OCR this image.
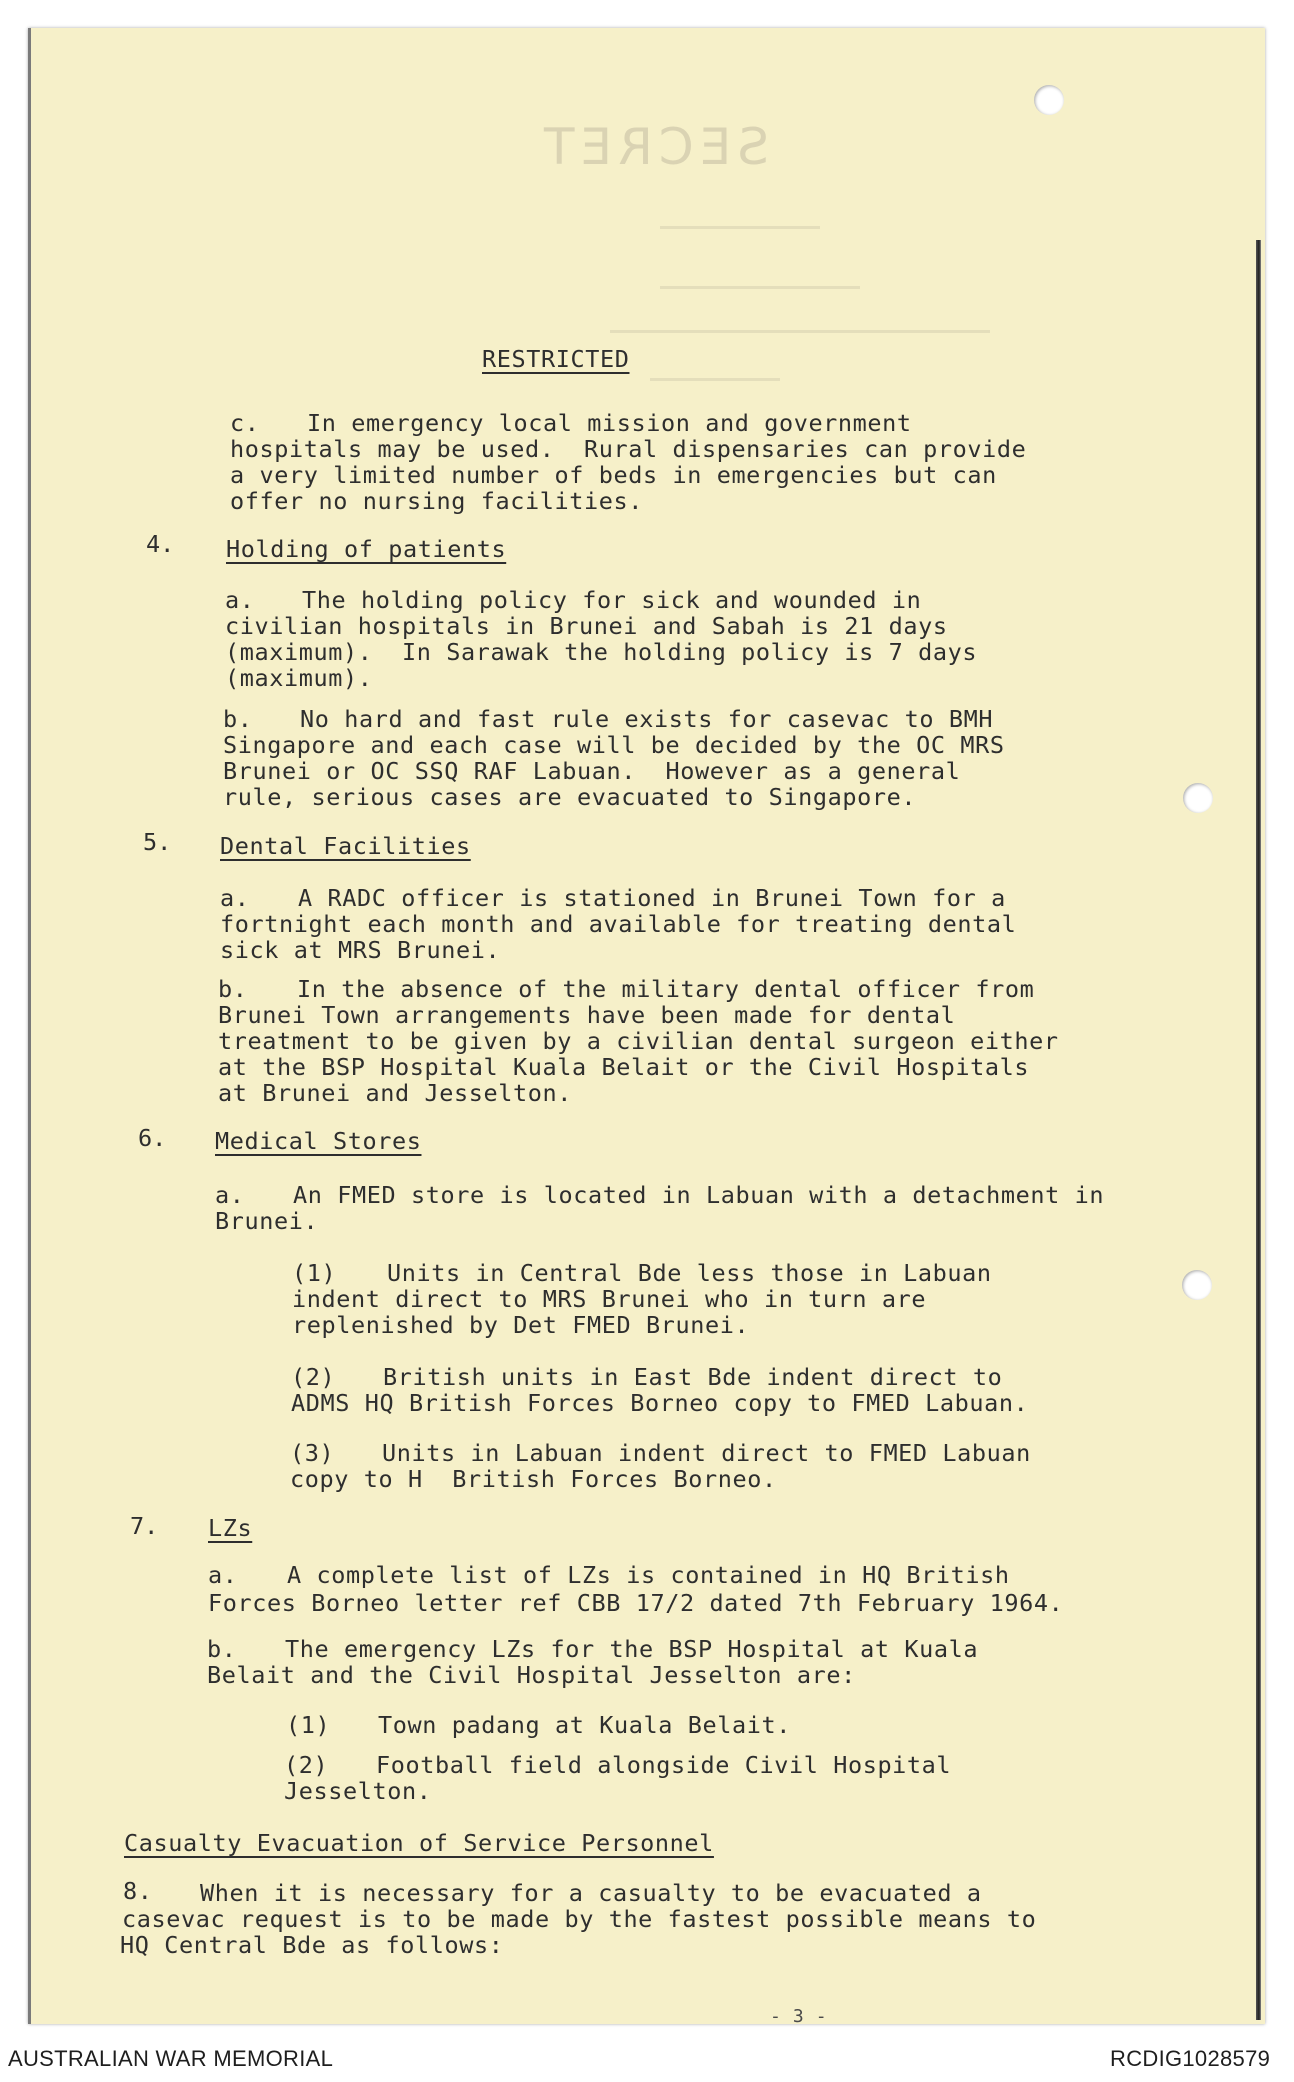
SECRET
RESTRICTED
c. In emergency local mission and government
hospitals may be used.  Rural dispensaries can provide
a very limited number of beds in emergencies but can
offer no nursing facilities.
4. Holding of patients
a. The holding policy for sick and wounded in
civilian hospitals in Brunei and Sabah is 21 days
(maximum).  In Sarawak the holding policy is 7 days
(maximum).
b. No hard and fast rule exists for casevac to BMH
Singapore and each case will be decided by the OC MRS
Brunei or OC SSQ RAF Labuan.  However as a general
rule, serious cases are evacuated to Singapore.
5. Dental Facilities
a. A RADC officer is stationed in Brunei Town for a
fortnight each month and available for treating dental
sick at MRS Brunei.
b. In the absence of the military dental officer from
Brunei Town arrangements have been made for dental
treatment to be given by a civilian dental surgeon either
at the BSP Hospital Kuala Belait or the Civil Hospitals
at Brunei and Jesselton.
6. Medical Stores
a. An FMED store is located in Labuan with a detachment in
Brunei.
(1) Units in Central Bde less those in Labuan
indent direct to MRS Brunei who in turn are
replenished by Det FMED Brunei.
(2) British units in East Bde indent direct to
ADMS HQ British Forces Borneo copy to FMED Labuan.
(3) Units in Labuan indent direct to FMED Labuan
copy to H  British Forces Borneo.
7. LZs
a. A complete list of LZs is contained in HQ British
Forces Borneo letter ref CBB 17/2 dated 7th February 1964.
b. The emergency LZs for the BSP Hospital at Kuala
Belait and the Civil Hospital Jesselton are:
(1) Town padang at Kuala Belait.
(2) Football field alongside Civil Hospital
Jesselton.
Casualty Evacuation of Service Personnel
8. When it is necessary for a casualty to be evacuated a
casevac request is to be made by the fastest possible means to
HQ Central Bde as follows:
- 3 -
AUSTRALIAN WAR MEMORIAL	RCDIG1028579
